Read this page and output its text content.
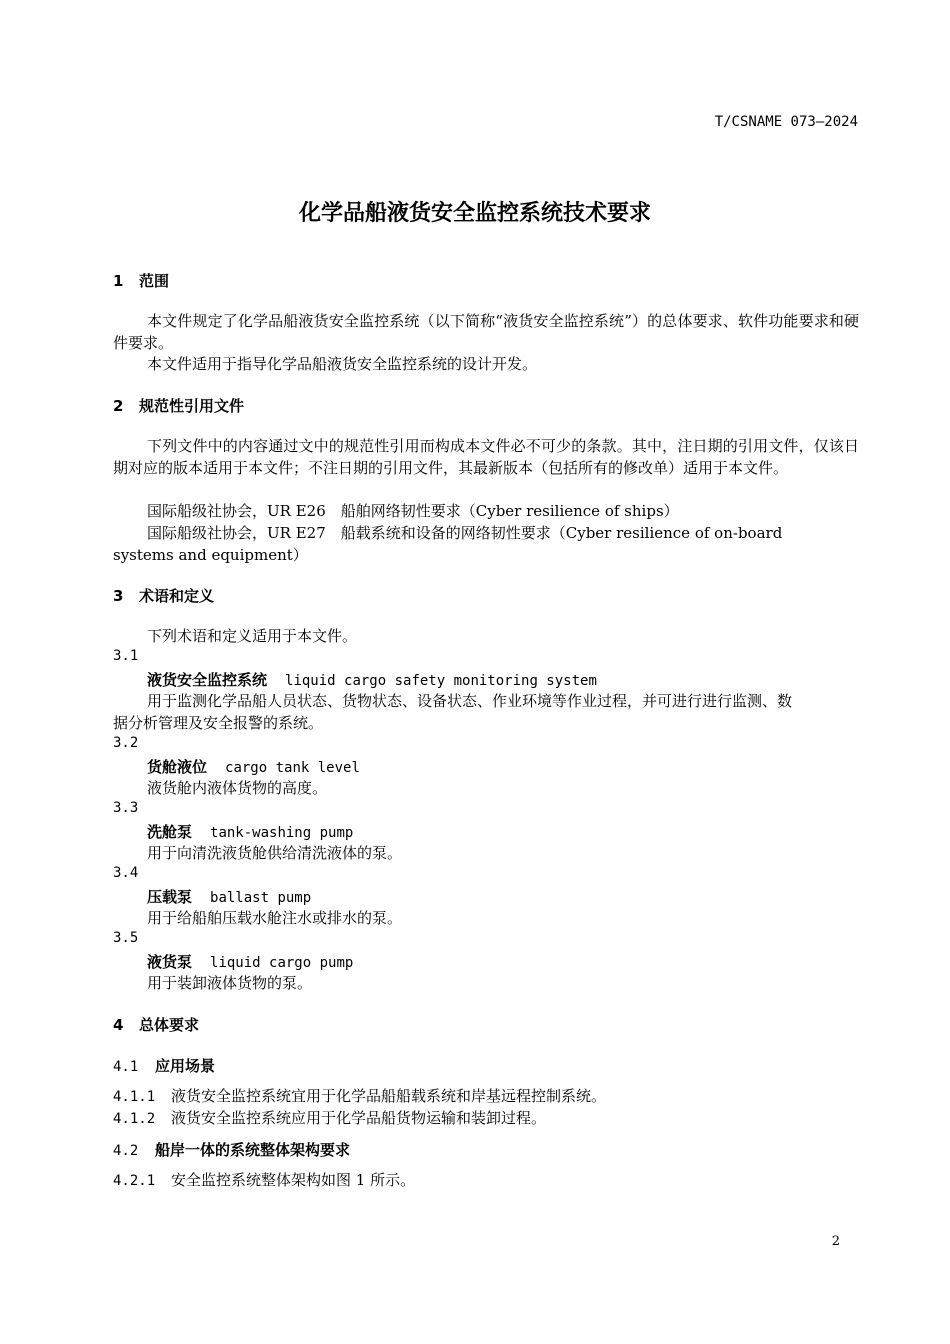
T/CSNAME 073—2024
化学品船液货安全监控系统技术要求
1 范围
本文件规定了化学品船液货安全监控系统（以下简称“液货安全监控系统”）的总体要求、软件功能要求和硬件要求。
本文件适用于指导化学品船液货安全监控系统的设计开发。
2 规范性引用文件
下列文件中的内容通过文中的规范性引用而构成本文件必不可少的条款。其中，注日期的引用文件，仅该日期对应的版本适用于本文件；不注日期的引用文件，其最新版本（包括所有的修改单）适用于本文件。
国际船级社协会，UR E26　船舶网络韧性要求（Cyber resilience of ships）
国际船级社协会，UR E27　船载系统和设备的网络韧性要求（Cyber resilience of on-board
systems and equipment）
3 术语和定义
下列术语和定义适用于本文件。
3.1
液货安全监控系统 liquid cargo safety monitoring system
用于监测化学品船人员状态、货物状态、设备状态、作业环境等作业过程，并可进行进行监测、数
据分析管理及安全报警的系统。
3.2
货舱液位 cargo tank level
液货舱内液体货物的高度。
3.3
洗舱泵 tank-washing pump
用于向清洗液货舱供给清洗液体的泵。
3.4
压载泵 ballast pump
用于给船舶压载水舱注水或排水的泵。
3.5
液货泵 liquid cargo pump
用于装卸液体货物的泵。
4 总体要求
4.1 应用场景
4.1.1 液货安全监控系统宜用于化学品船船载系统和岸基远程控制系统。
4.1.2 液货安全监控系统应用于化学品船货物运输和装卸过程。
4.2 船岸一体的系统整体架构要求
4.2.1 安全监控系统整体架构如图 1 所示。
2
